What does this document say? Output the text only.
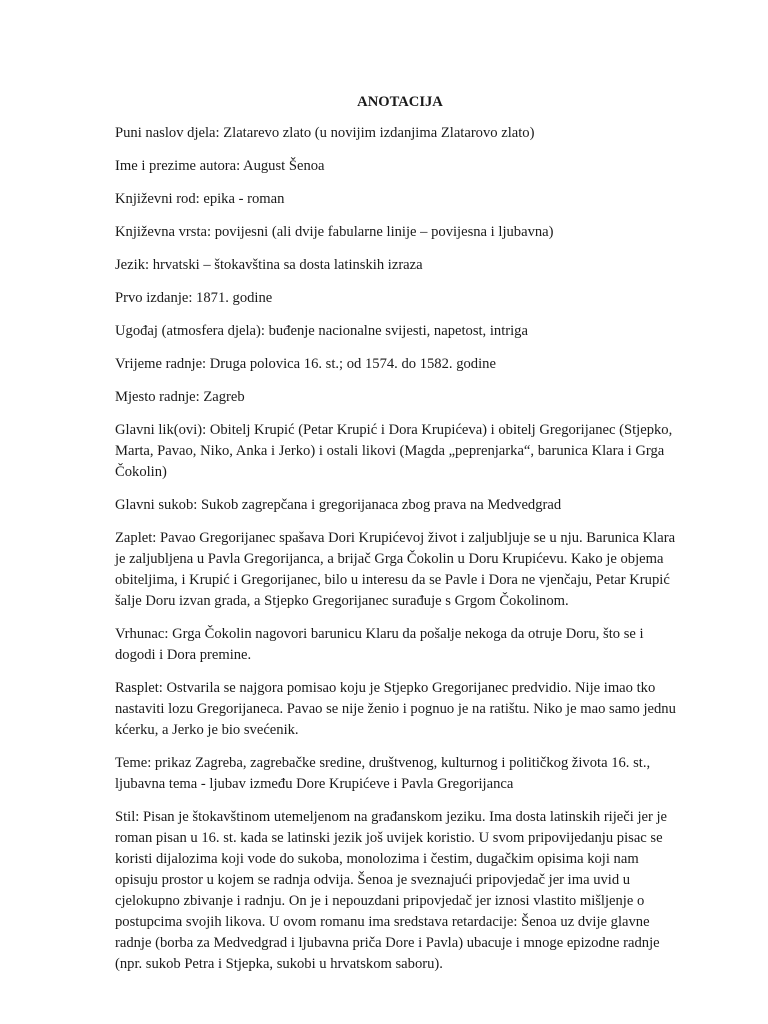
ANOTACIJA
Puni naslov djela: Zlatarevo zlato (u novijim izdanjima Zlatarovo zlato)
Ime i prezime autora: August Šenoa
Književni rod: epika - roman
Književna vrsta: povijesni (ali dvije fabularne linije – povijesna i ljubavna)
Jezik: hrvatski – štokavština sa dosta latinskih izraza
Prvo izdanje: 1871. godine
Ugođaj (atmosfera djela): buđenje nacionalne svijesti, napetost, intriga
Vrijeme radnje: Druga polovica 16. st.; od 1574. do 1582. godine
Mjesto radnje: Zagreb
Glavni lik(ovi): Obitelj Krupić (Petar Krupić i Dora Krupićeva) i obitelj Gregorijanec (Stjepko, Marta, Pavao, Niko, Anka i Jerko) i ostali likovi (Magda „peprenjarka“, barunica Klara i Grga Čokolin)
Glavni sukob: Sukob zagrepčana i gregorijanaca zbog prava na Medvedgrad
Zaplet: Pavao Gregorijanec spašava Dori Krupićevoj život i zaljubljuje se u nju. Barunica Klara je zaljubljena u Pavla Gregorijanca, a brijač Grga Čokolin u Doru Krupićevu. Kako je objema obiteljima, i Krupić i Gregorijanec, bilo u interesu da se Pavle i Dora ne vjenčaju, Petar Krupić šalje Doru izvan grada, a Stjepko Gregorijanec surađuje s Grgom Čokolinom.
Vrhunac: Grga Čokolin nagovori barunicu Klaru da pošalje nekoga da otruje Doru, što se i dogodi i Dora premine.
Rasplet: Ostvarila se najgora pomisao koju je Stjepko Gregorijanec predvidio. Nije imao tko nastaviti lozu Gregorijaneca. Pavao se nije ženio i pognuo je na ratištu. Niko je mao samo jednu kćerku, a Jerko je bio svećenik.
Teme: prikaz Zagreba, zagrebačke sredine, društvenog, kulturnog i političkog života 16. st., ljubavna tema - ljubav između Dore Krupićeve i Pavla Gregorijanca
Stil: Pisan je štokavštinom utemeljenom na građanskom jeziku. Ima dosta latinskih riječi jer je roman pisan u 16. st. kada se latinski jezik još uvijek koristio. U svom pripovijedanju pisac se koristi dijalozima koji vode do sukoba, monolozima i čestim, dugačkim opisima koji nam opisuju prostor u kojem se radnja odvija. Šenoa je sveznajući pripovjedač jer ima uvid u cjelokupno zbivanje i radnju. On je i nepouzdani pripovjedač jer iznosi vlastito mišljenje o postupcima svojih likova. U ovom romanu ima sredstava retardacije: Šenoa uz dvije glavne radnje (borba za Medvedgrad i ljubavna priča Dore i Pavla) ubacuje i mnoge epizodne radnje (npr. sukob Petra i Stjepka, sukobi u hrvatskom saboru).
